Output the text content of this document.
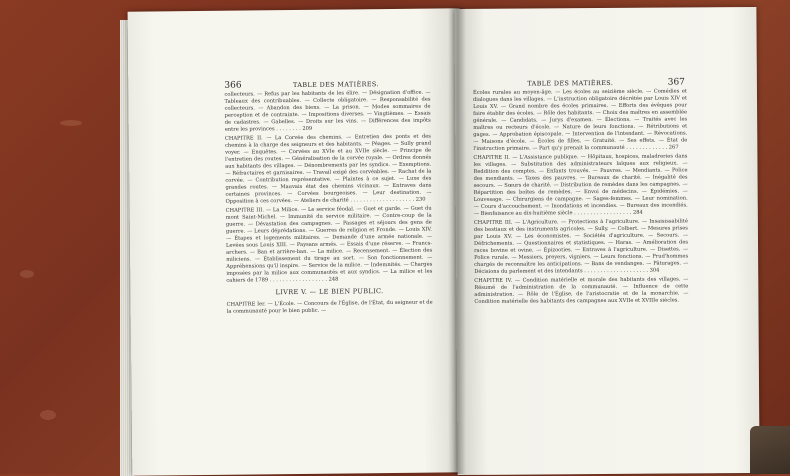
366	TABLE DES MATIÈRES.

collecteurs. — Refus par les habitants de les élire. — Désignation d'office. — Tableaux des contribuables. — Collecte obligatoire. — Responsabilité des collecteurs. — Abandon des biens. — La prison. — Modes sommaires de perception et de contrainte. — Impositions diverses. — Vingtièmes. — Essais de cadastres. — Gabelles. — Droits sur les vins. — Différences des impôts entre les provinces . . . . . . . . 209

CHAPITRE II. — La Corvée des chemins. — Entretien des ponts et des chemins à la charge des seigneurs et des habitants. — Péages. — Sully grand voyer. — Enquêtes. — Corvées au XVIe et au XVIIe siècle. — Principe de l'entretien des routes. — Généralisation de la corvée royale. — Ordres donnés aux habitants des villages. — Dénombrements par les syndics. — Exemptions. — Réfractaires et garnisaires. — Travail exigé des corvéables. — Rachat de la corvée. — Contribution représentative. — Plaintes à ce sujet. — Luxe des grandes routes. — Mauvais état des chemins vicinaux. — Entraves dans certaines provinces. — Corvées bourgeoises. — Leur destination. — Opposition à ces corvées. — Ateliers de charité . . . . . . . . . . . . . . . . . . . . 230

CHAPITRE III. — La Milice. — Le service féodal. — Guet et garde. — Guet du mont Saint-Michel. — Immunité du service militaire. — Contre-coup de la guerre. — Dévastation des campagnes. — Passages et séjours des gens de guerre. — Leurs déprédations. — Guerres de religion et Fronde. — Louis XIV. — Étapes et logements militaires. — Demande d'une armée nationale. — Levées sous Louis XIII. — Paysans armés. — Essais d'une réserve. — Francs-archers. — Ban et arrière-ban. — La milice. — Recensement. — Élection des miliciens. — Établissement du tirage au sort. — Son fonctionnement. — Appréhensions qu'il inspire. — Service de la milice. — Indemnités. — Charges imposées par la milice aux communautés et aux syndics. — La milice et les cahiers de 1789 . . . . . . . . . . . . . . . . . . 248

LIVRE V. — LE BIEN PUBLIC.

CHAPITRE Ier. — L'École. — Concours de l'Église, de l'État, du seigneur et de la communauté pour le bien public. —

TABLE DES MATIÈRES.	367

Écoles rurales au moyen-âge. — Les écoles au seizième siècle. — Comédies et dialogues dans les villages. — L'instruction obligatoire décrétée par Louis XIV et Louis XV. — Grand nombre des écoles primaires. — Efforts des évêques pour faire établir des écoles. — Rôle des habitants. — Choix des maîtres en assemblée générale. — Candidats. — Jurys d'examen. — Élections. — Traités avec les maîtres ou recteurs d'école. — Nature de leurs fonctions. — Rétributions et gages. — Approbation épiscopale. — Intervention de l'intendant. — Révocations. — Maisons d'école. — Écoles de filles. — Gratuité. — Ses effets. — État de l'instruction primaire. — Part qu'y prenait la communauté . . . . . . . . . . . . . 267

CHAPITRE II. — L'Assistance publique. — Hôpitaux, hospices, maladreries dans les villages. — Substitution des administrateurs laïques aux religieux. — Reddition des comptes. — Enfants trouvés. — Pauvres. — Mendiants. — Police des mendiants. — Taxes des pauvres. — Bureaux de charité. — Inégalité des secours. — Sœurs de charité. — Distribution de remèdes dans les campagnes. — Répartition des boîtes de remèdes. — Envoi de médecins. — Épidémies. — Louvesage. — Chirurgiens de campagne. — Sages-femmes. — Leur nomination. — Cours d'accouchement. — Inondations et incendies. — Bureaux des incendiés. — Bienfaisance au dix-huitième siècle . . . . . . . . . . . . . . . . . . 284

CHAPITRE III. — L'Agriculture. — Protections à l'agriculture. — Insaisissabilité des bestiaux et des instruments agricoles. — Sully. — Colbert. — Mesures prises par Louis XV. — Les économistes. — Sociétés d'agriculture. — Secours. — Défrichements. — Questionnaires et statistiques. — Haras. — Amélioration des races bovine et ovine. — Épizooties. — Entraves à l'agriculture. — Disettes. — Police rurale. — Messiers, preyers, vigniers. — Leurs fonctions. — Prud'hommes chargés de reconnaître les anticipations. — Bans de vendanges. — Pâturages. — Décisions du parlement et des intendants . . . . . . . . . . . . . . . . . . . . 304

CHAPITRE IV. — Condition matérielle et morale des habitants des villages. — Résumé de l'administration de la communauté. — Influence de cette administration. — Rôle de l'Église, de l'aristocratie et de la monarchie. — Condition matérielle des habitants des campagnes aux XVIIe et XVIIIe siècles.
